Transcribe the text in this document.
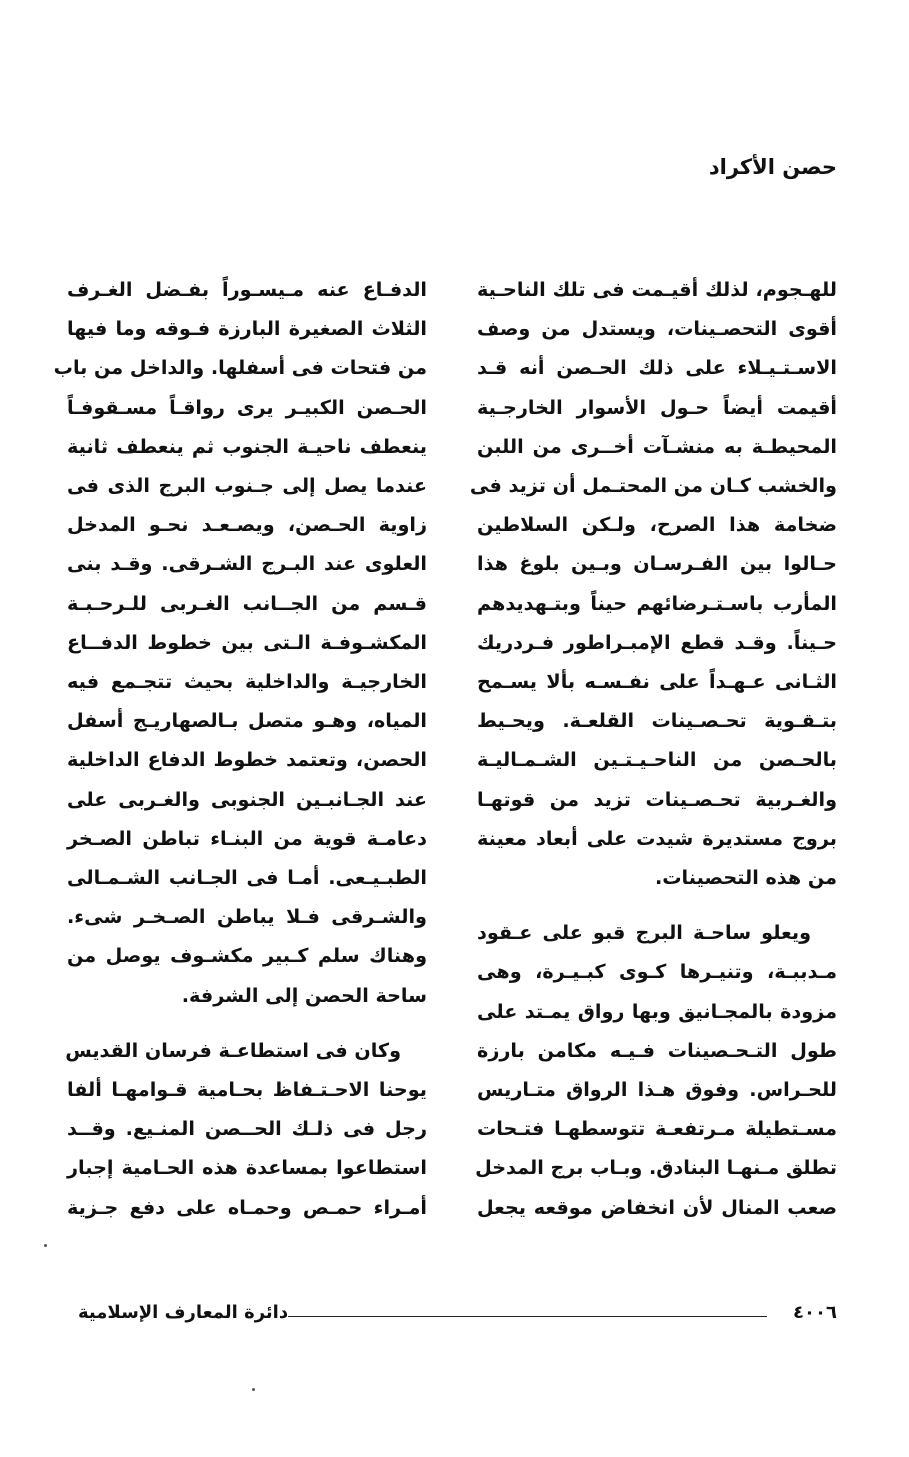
حصن الأكراد

للهـجوم، لذلك أقيـمت فى تلك الناحـية
أقوى التحصـينات، ويستدل من وصف
الاسـتـيـلاء على ذلك الحـصن أنه قـد
أقيمت أيضاً حـول الأسوار الخارجـية
المحيطـة به منشـآت أخــرى من اللبن
والخشب كـان من المحتـمل أن تزيد فى
ضخامة هذا الصرح، ولـكن السلاطين
حـالوا بين الفـرسـان وبـين بلوغ هذا
المأرب باسـتـرضائهم حيناً وبتـهديدهم
حـيناً. وقـد قطع الإمبـراطور فـردريك
الثـانى عـهـداً على نفـسـه بألا يسـمح
بتـقـوية تحـصـينات القلعـة. ويحـيط
بالحـصن من الناحـيـتـين الشـمـاليـة
والغـربية تحـصـينات تزيد من قوتهـا
بروج مستديرة شيدت على أبعاد معينة
من هذه التحصينات.

ويعلو ساحـة البرج قبو على عـقود
مـدببـة، وتنيـرها كـوى كبـيـرة، وهى
مزودة بالمجـانيق وبها رواق يمـتد على
طول التـحـصينات فـيـه مكامن بارزة
للحـراس. وفوق هـذا الرواق متـاريس
مسـتطيلة مـرتفعـة تتوسطهـا فتـحات
تطلق مـنهـا البنادق. وبـاب برج المدخل
صعب المنال لأن انخفاض موقعه يجعل

الدفـاع عنه مـيسـوراً بفـضل الغـرف
الثلاث الصغيرة البارزة فـوقه وما فيها
من فتحات فى أسفلها. والداخل من باب
الحـصن الكبيـر يرى رواقـاً مسـقوفـاً
ينعطف ناحيـة الجنوب ثم ينعطف ثانية
عندما يصل إلى جـنوب البرج الذى فى
زاوية الحـصن، ويصـعـد نحـو المدخل
العلوى عند البـرج الشـرقى. وقـد بنى
قـسم من الجــانب الغـربى للـرحـبـة
المكشـوفـة الـتى بين خطوط الدفــاع
الخارجيـة والداخلية بحيث تتجـمع فيه
المياه، وهـو متصل بـالصهاريـج أسفل
الحصن، وتعتمد خطوط الدفاع الداخلية
عند الجـانبـين الجنوبى والغـربى على
دعامـة قوية من البنـاء تباطن الصـخر
الطبـيـعى. أمـا فى الجـانب الشـمـالى
والشـرقى فـلا يباطن الصـخـر شىء.
وهناك سلم كـبير مكشـوف يوصل من
ساحة الحصن إلى الشرفة.

وكان فى استطاعـة فرسان القديس
يوحنا الاحـتـفاظ بحـامية قـوامهـا ألفا
رجل فى ذلـك الحــصن المنـيع. وقــد
استطاعوا بمساعدة هذه الحـامية إجبار
أمـراء حمـص وحمـاه على دفع جـزية

٤٠٠٦
دائرة المعارف الإسلامية
